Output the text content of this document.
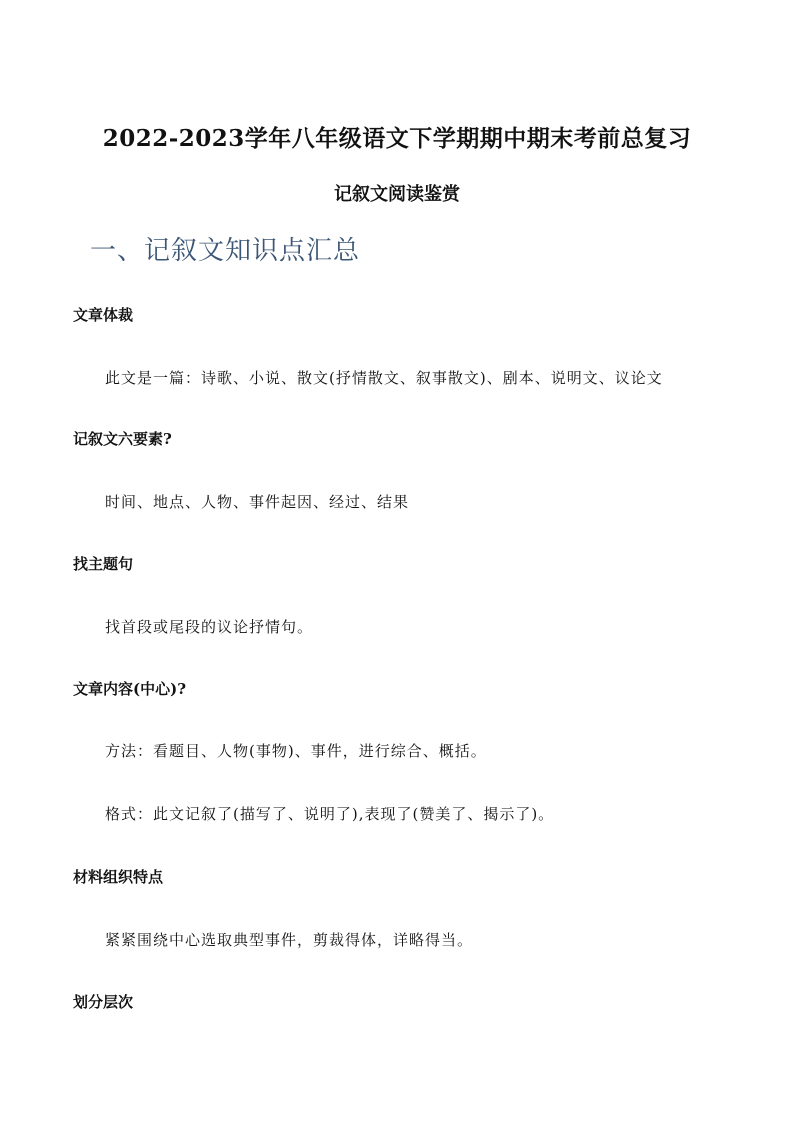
2022-2023学年八年级语文下学期期中期末考前总复习
记叙文阅读鉴赏
一、记叙文知识点汇总
文章体裁
此文是一篇：诗歌、小说、散文(抒情散文、叙事散文)、剧本、说明文、议论文
记叙文六要素?
时间、地点、人物、事件起因、经过、结果
找主题句
找首段或尾段的议论抒情句。
文章内容(中心)?
方法：看题目、人物(事物)、事件，进行综合、概括。
格式：此文记叙了(描写了、说明了),表现了(赞美了、揭示了)。
材料组织特点
紧紧围绕中心选取典型事件，剪裁得体，详略得当。
划分层次
